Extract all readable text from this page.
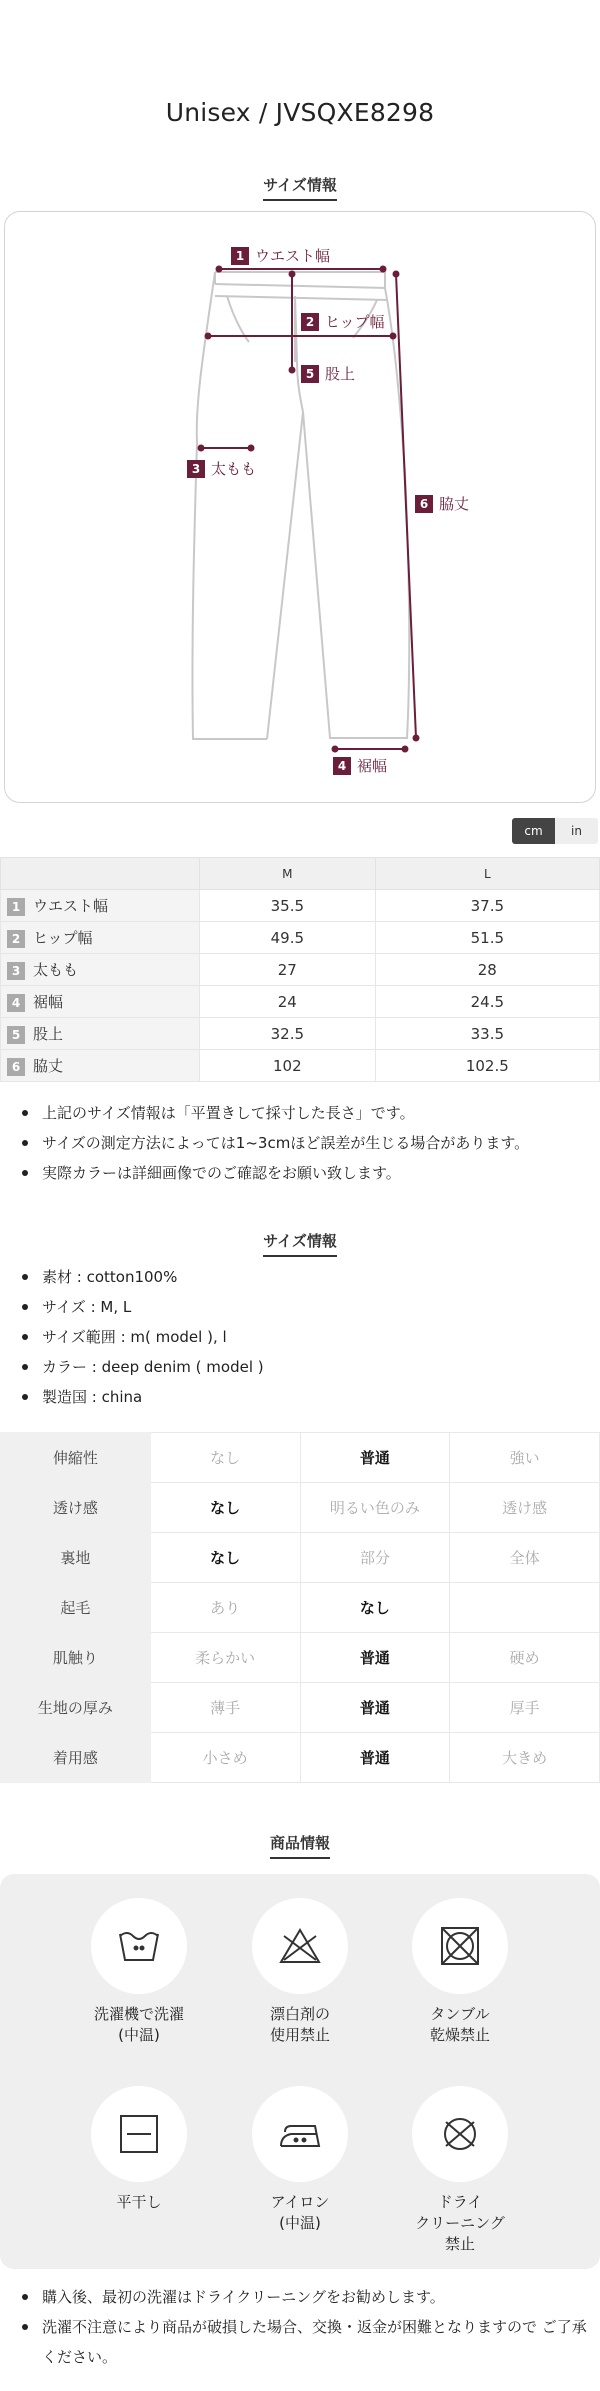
Unisex / JVSQXE8298
サイズ情報
1 ウエスト幅
2 ヒップ幅
5 股上
3 太もも
6 脇丈
4 裾幅
cm	in
	M	L
1 ウエスト幅	35.5	37.5
2 ヒップ幅	49.5	51.5
3 太もも	27	28
4 裾幅	24	24.5
5 股上	32.5	33.5
6 脇丈	102	102.5
上記のサイズ情報は「平置きして採寸した長さ」です。
サイズの測定方法によっては1~3cmほど誤差が生じる場合があります。
実際カラーは詳細画像でのご確認をお願い致します。
サイズ情報
素材 : cotton100%
サイズ : M, L
サイズ範囲 : m( model ), l
カラー : deep denim ( model )
製造国 : china
伸縮性	なし	普通	強い
透け感	なし	明るい色のみ	透け感
裏地	なし	部分	全体
起毛	あり	なし	
肌触り	柔らかい	普通	硬め
生地の厚み	薄手	普通	厚手
着用感	小さめ	普通	大きめ
商品情報
洗濯機で洗濯
(中温)
漂白剤の
使用禁止
タンブル
乾燥禁止
平干し	アイロン
(中温)
ドライ
クリーニング
禁止
購入後、最初の洗濯はドライクリーニングをお勧めします。
洗濯不注意により商品が破損した場合、交換・返金が困難となりますので ご了承ください。
